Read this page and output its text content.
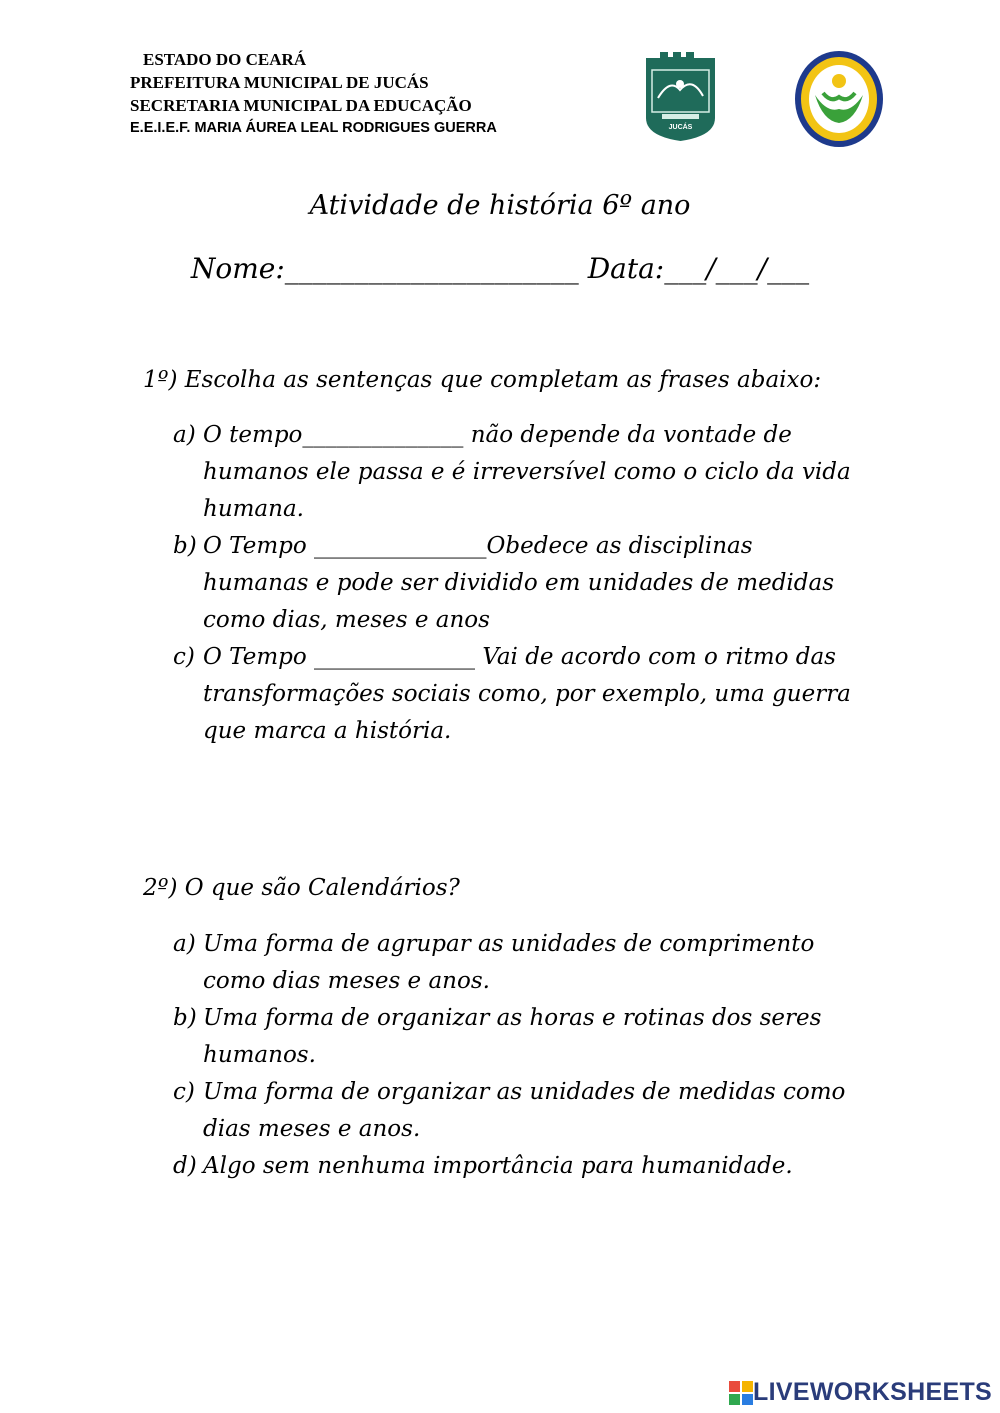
ESTADO DO CEARÁ
PREFEITURA MUNICIPAL DE JUCÁS
SECRETARIA MUNICIPAL DA EDUCAÇÃO
E.E.I.E.F. MARIA ÁUREA LEAL RODRIGUES GUERRA	JUCÁS
Atividade de história 6º ano
Nome:_____________________ Data:___/___/___
1º) Escolha as sentenças que completam as frases abaixo:
a) O tempo______________ não depende da vontade de humanos ele passa e é irreversível como o ciclo da vida humana.
b) O Tempo _______________Obedece as disciplinas humanas e pode ser dividido em unidades de medidas como dias, meses e anos
c) O Tempo ______________ Vai de acordo com o ritmo das transformações sociais como, por exemplo, uma guerra que marca a história.
2º) O que são Calendários?
a) Uma forma de agrupar as unidades de comprimento como dias meses e anos.
b) Uma forma de organizar as horas e rotinas dos seres humanos.
c) Uma forma de organizar as unidades de medidas como dias meses e anos.
d) Algo sem nenhuma importância para humanidade.
LIVEWORKSHEETS
